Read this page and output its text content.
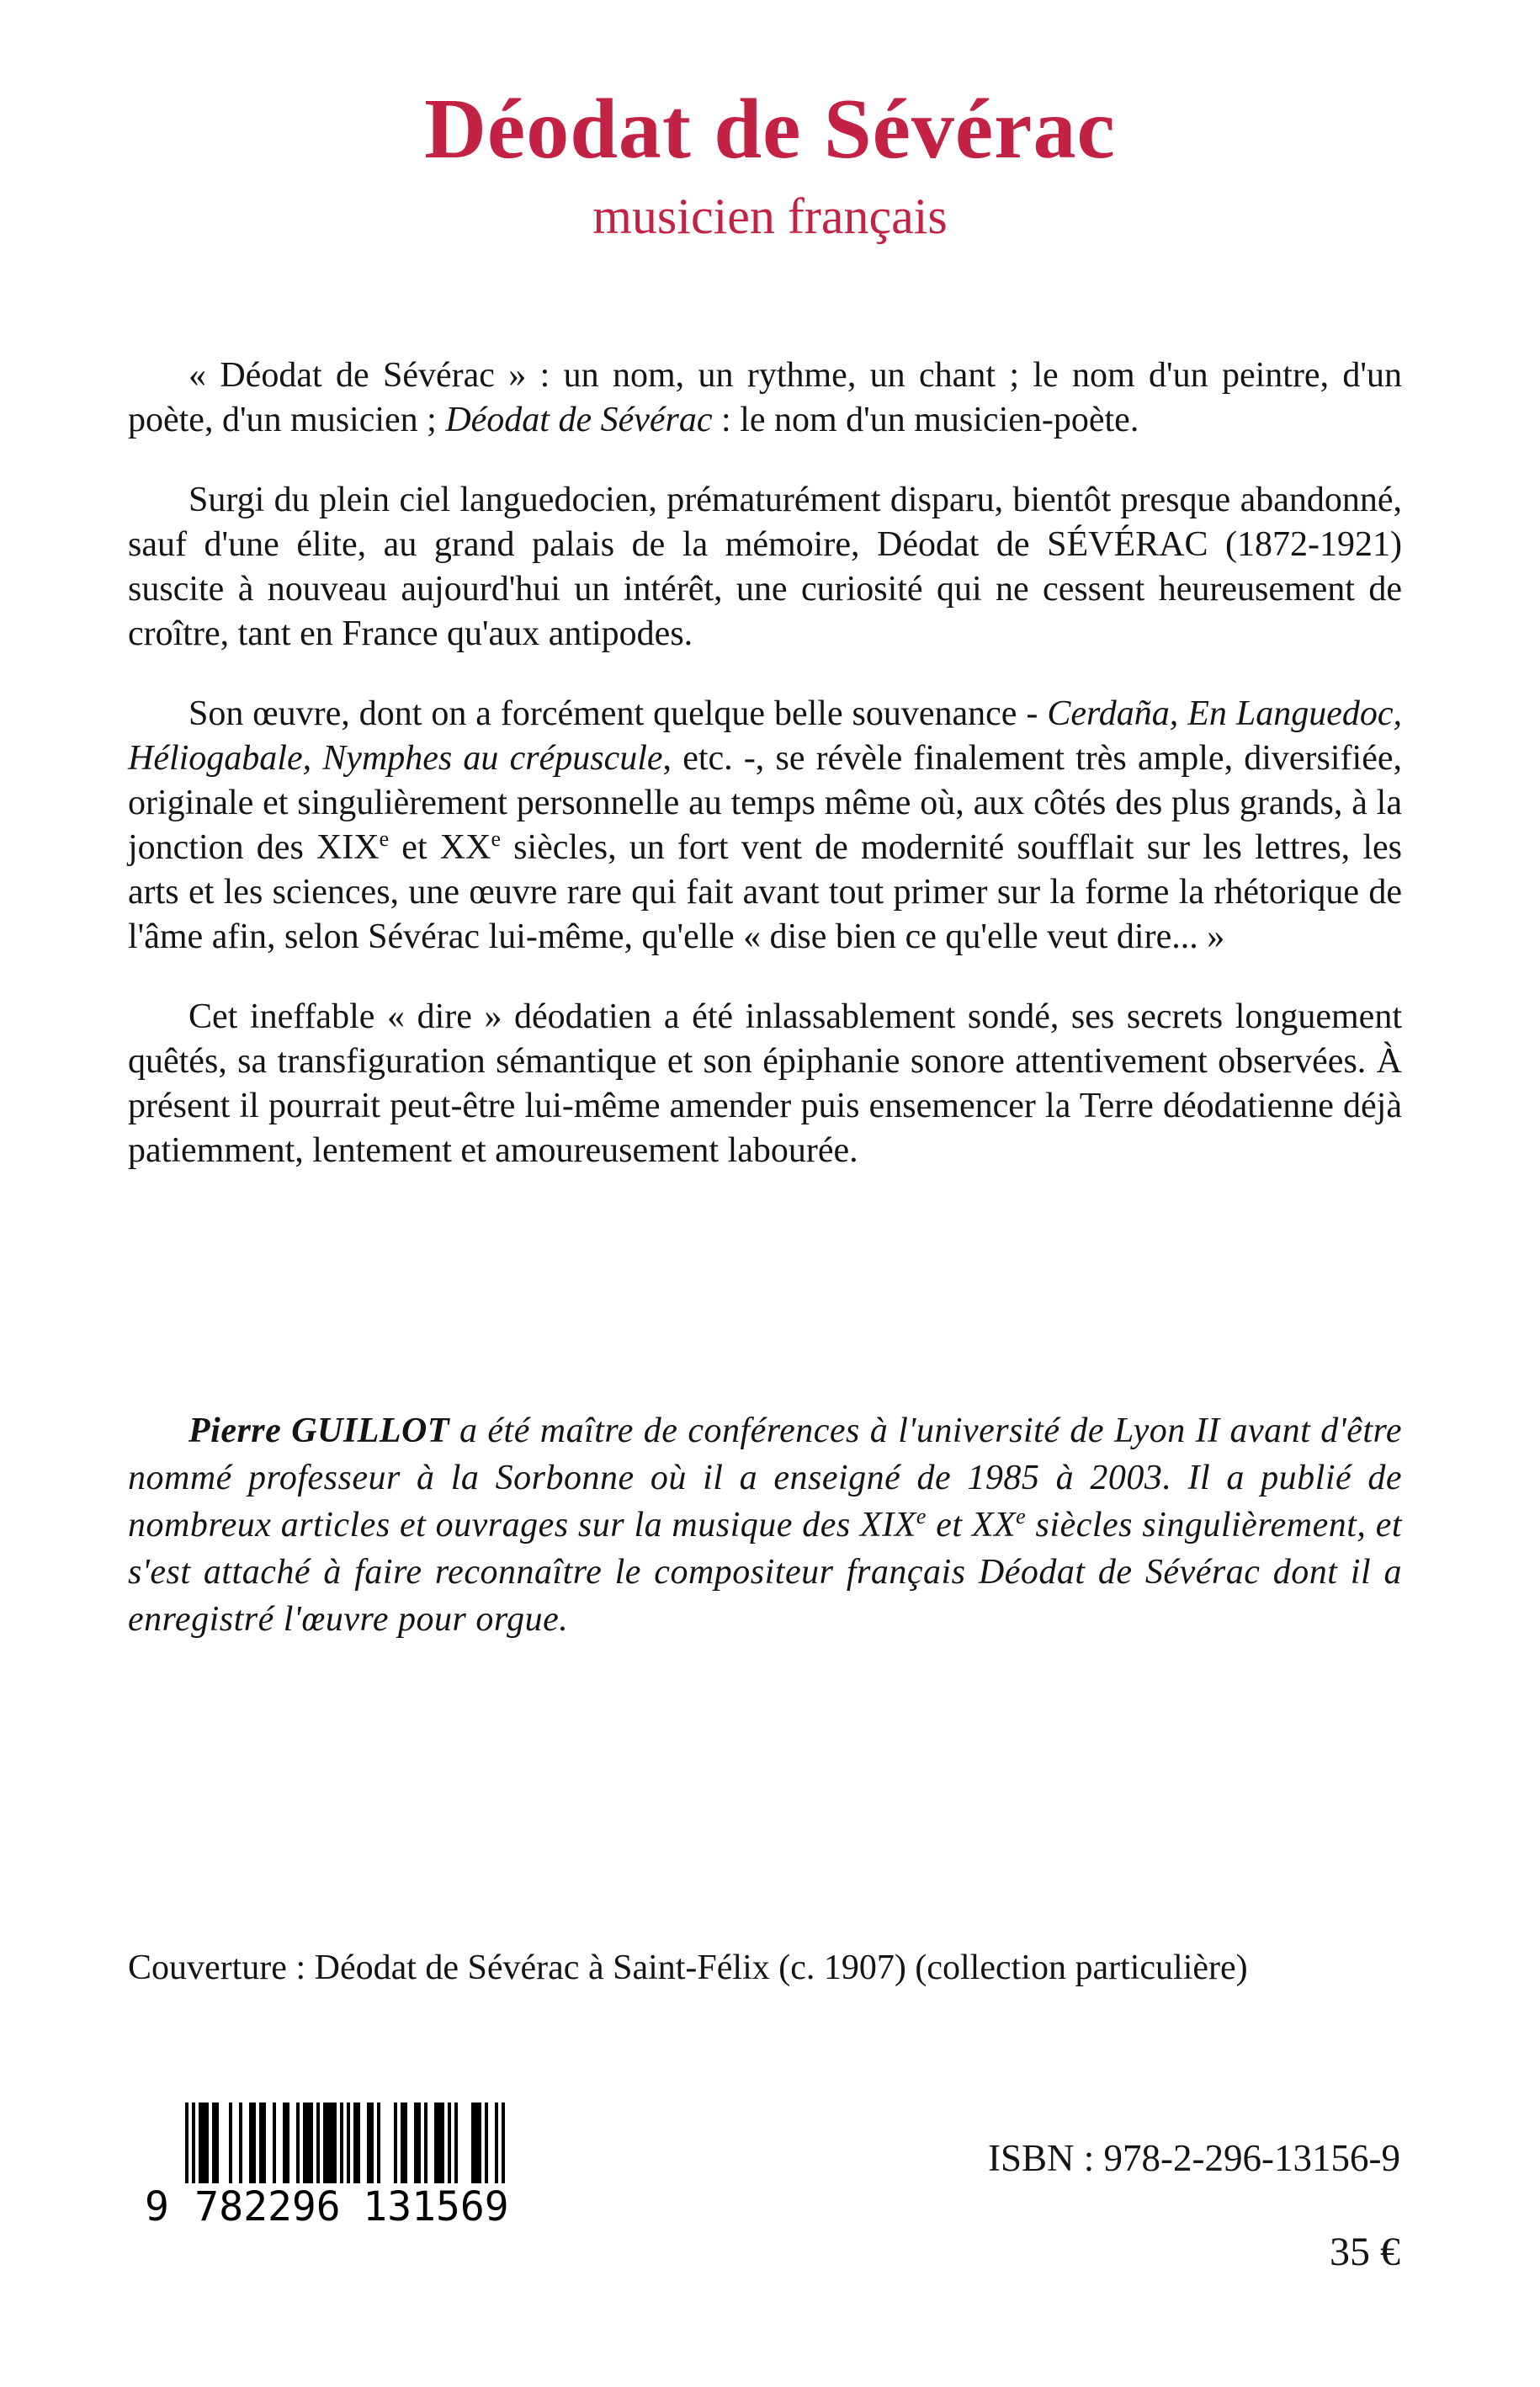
Déodat de Sévérac
musicien français

« Déodat de Sévérac » : un nom, un rythme, un chant ; le nom d'un peintre, d'un poète, d'un musicien ; Déodat de Sévérac : le nom d'un musicien-poète.

Surgi du plein ciel languedocien, prématurément disparu, bientôt presque abandonné, sauf d'une élite, au grand palais de la mémoire, Déodat de SÉVÉRAC (1872-1921) suscite à nouveau aujourd'hui un intérêt, une curiosité qui ne cessent heureusement de croître, tant en France qu'aux antipodes.

Son œuvre, dont on a forcément quelque belle souvenance - Cerdaña, En Languedoc, Héliogabale, Nymphes au crépuscule, etc. -, se révèle finalement très ample, diversifiée, originale et singulièrement personnelle au temps même où, aux côtés des plus grands, à la jonction des XIXe et XXe siècles, un fort vent de modernité soufflait sur les lettres, les arts et les sciences, une œuvre rare qui fait avant tout primer sur la forme la rhétorique de l'âme afin, selon Sévérac lui-même, qu'elle « dise bien ce qu'elle veut dire... »

Cet ineffable « dire » déodatien a été inlassablement sondé, ses secrets longuement quêtés, sa transfiguration sémantique et son épiphanie sonore attentivement observées. À présent il pourrait peut-être lui-même amender puis ensemencer la Terre déodatienne déjà patiemment, lentement et amoureusement labourée.

Pierre GUILLOT a été maître de conférences à l'université de Lyon II avant d'être nommé professeur à la Sorbonne où il a enseigné de 1985 à 2003. Il a publié de nombreux articles et ouvrages sur la musique des XIXe et XXe siècles singulièrement, et s'est attaché à faire reconnaître le compositeur français Déodat de Sévérac dont il a enregistré l'œuvre pour orgue.

Couverture : Déodat de Sévérac à Saint-Félix (c. 1907) (collection particulière)

9 782296 131569
ISBN : 978-2-296-13156-9
35 €
